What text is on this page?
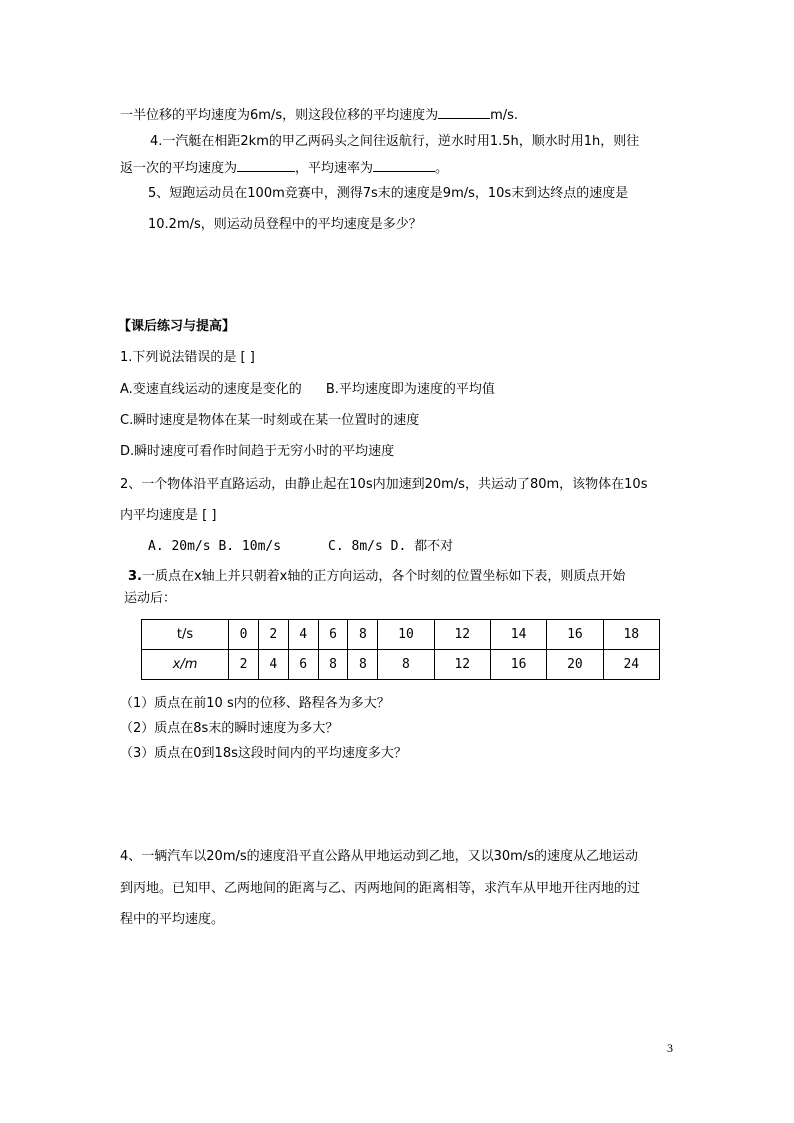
一半位移的平均速度为6m/s，则这段位移的平均速度为	m/s.
4.一汽艇在相距2km的甲乙两码头之间往返航行，逆水时用1.5h，顺水时用1h，则往
返一次的平均速度为	，平均速率为	。
5、短跑运动员在100m竞赛中，测得7s末的速度是9m/s，10s末到达终点的速度是
10.2m/s，则运动员登程中的平均速度是多少？
【课后练习与提高】
1.下列说法错误的是 [ ]
A.变速直线运动的速度是变化的 B.平均速度即为速度的平均值
C.瞬时速度是物体在某一时刻或在某一位置时的速度
D.瞬时速度可看作时间趋于无穷小时的平均速度
2、一个物体沿平直路运动，由静止起在10s内加速到20m/s，共运动了80m，该物体在10s
内平均速度是 [ ]
A. 20m/s B. 10m/s      C. 8m/s D. 都不对
3.一质点在x轴上并只朝着x轴的正方向运动，各个时刻的位置坐标如下表，则质点开始
运动后：
t/s	0	2	4	6	8	10	12	14	16	18
x/m	2	4	6	8	8	8	12	16	20	24
（1）质点在前10 s内的位移、路程各为多大？
（2）质点在8s末的瞬时速度为多大？
（3）质点在0到18s这段时间内的平均速度多大？
4、一辆汽车以20m/s的速度沿平直公路从甲地运动到乙地，又以30m/s的速度从乙地运动
到丙地。已知甲、乙两地间的距离与乙、丙两地间的距离相等，求汽车从甲地开往丙地的过
程中的平均速度。
3
